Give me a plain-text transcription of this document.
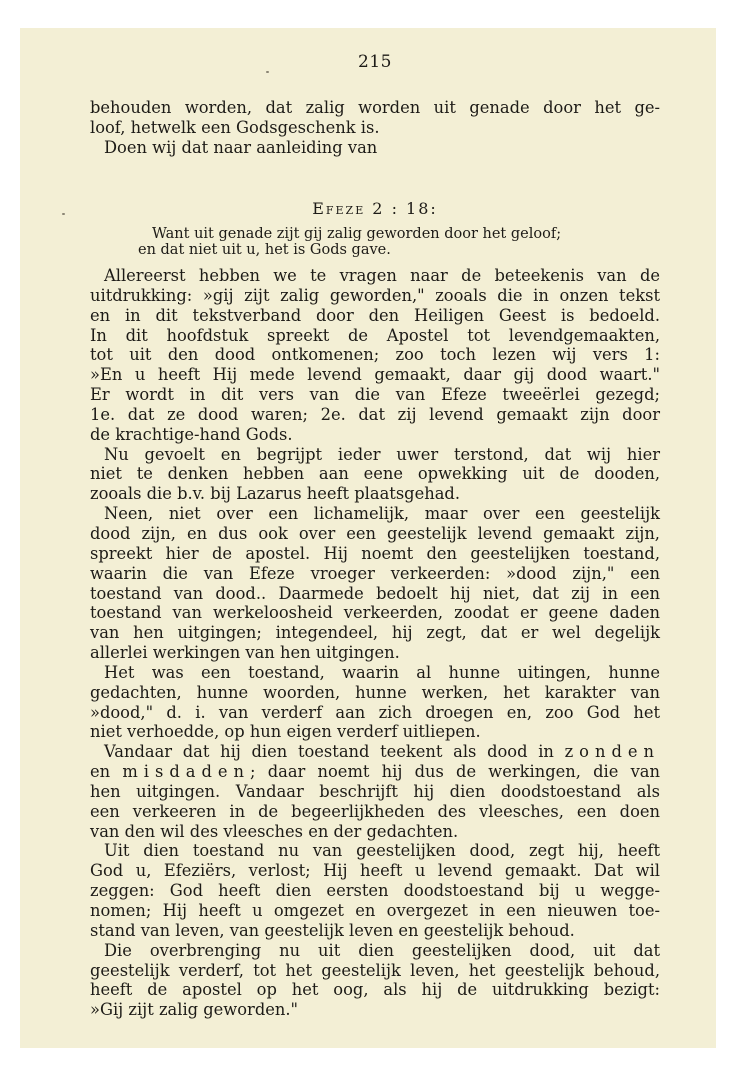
215
behouden worden, dat zalig worden uit genade door het ge-
loof, hetwelk een Godsgeschenk is.
Doen wij dat naar aanleiding van
Efeze 2 : 18:
Want uit genade zijt gij zalig geworden door het geloof;
en dat niet uit u, het is Gods gave.
Allereerst hebben we te vragen naar de beteekenis van de
uitdrukking: »gij zijt zalig geworden," zooals die in onzen tekst
en in dit tekstverband door den Heiligen Geest is bedoeld.
In dit hoofdstuk spreekt de Apostel tot levendgemaakten,
tot uit den dood ontkomenen; zoo toch lezen wij vers 1:
»En u heeft Hij mede levend gemaakt, daar gij dood waart."
Er wordt in dit vers van die van Efeze tweeërlei gezegd;
1e. dat ze dood waren; 2e. dat zij levend gemaakt zijn door
de krachtige-hand Gods.
Nu gevoelt en begrijpt ieder uwer terstond, dat wij hier
niet te denken hebben aan eene opwekking uit de dooden,
zooals die b.v. bij Lazarus heeft plaatsgehad.
Neen, niet over een lichamelijk, maar over een geestelijk
dood zijn, en dus ook over een geestelijk levend gemaakt zijn,
spreekt hier de apostel. Hij noemt den geestelijken toestand,
waarin die van Efeze vroeger verkeerden: »dood zijn," een
toestand van dood.. Daarmede bedoelt hij niet, dat zij in een
toestand van werkeloosheid verkeerden, zoodat er geene daden
van hen uitgingen; integendeel, hij zegt, dat er wel degelijk
allerlei werkingen van hen uitgingen.
Het was een toestand, waarin al hunne uitingen, hunne
gedachten, hunne woorden, hunne werken, het karakter van
»dood," d. i. van verderf aan zich droegen en, zoo God het
niet verhoedde, op hun eigen verderf uitliepen.
Vandaar dat hij dien toestand teekent als dood in zonden
en misdaden; daar noemt hij dus de werkingen, die van
hen uitgingen. Vandaar beschrijft hij dien doodstoestand als
een verkeeren in de begeerlijkheden des vleesches, een doen
van den wil des vleesches en der gedachten.
Uit dien toestand nu van geestelijken dood, zegt hij, heeft
God u, Efeziërs, verlost; Hij heeft u levend gemaakt. Dat wil
zeggen: God heeft dien eersten doodstoestand bij u wegge-
nomen; Hij heeft u omgezet en overgezet in een nieuwen toe-
stand van leven, van geestelijk leven en geestelijk behoud.
Die overbrenging nu uit dien geestelijken dood, uit dat
geestelijk verderf, tot het geestelijk leven, het geestelijk behoud,
heeft de apostel op het oog, als hij de uitdrukking bezigt:
»Gij zijt zalig geworden."
